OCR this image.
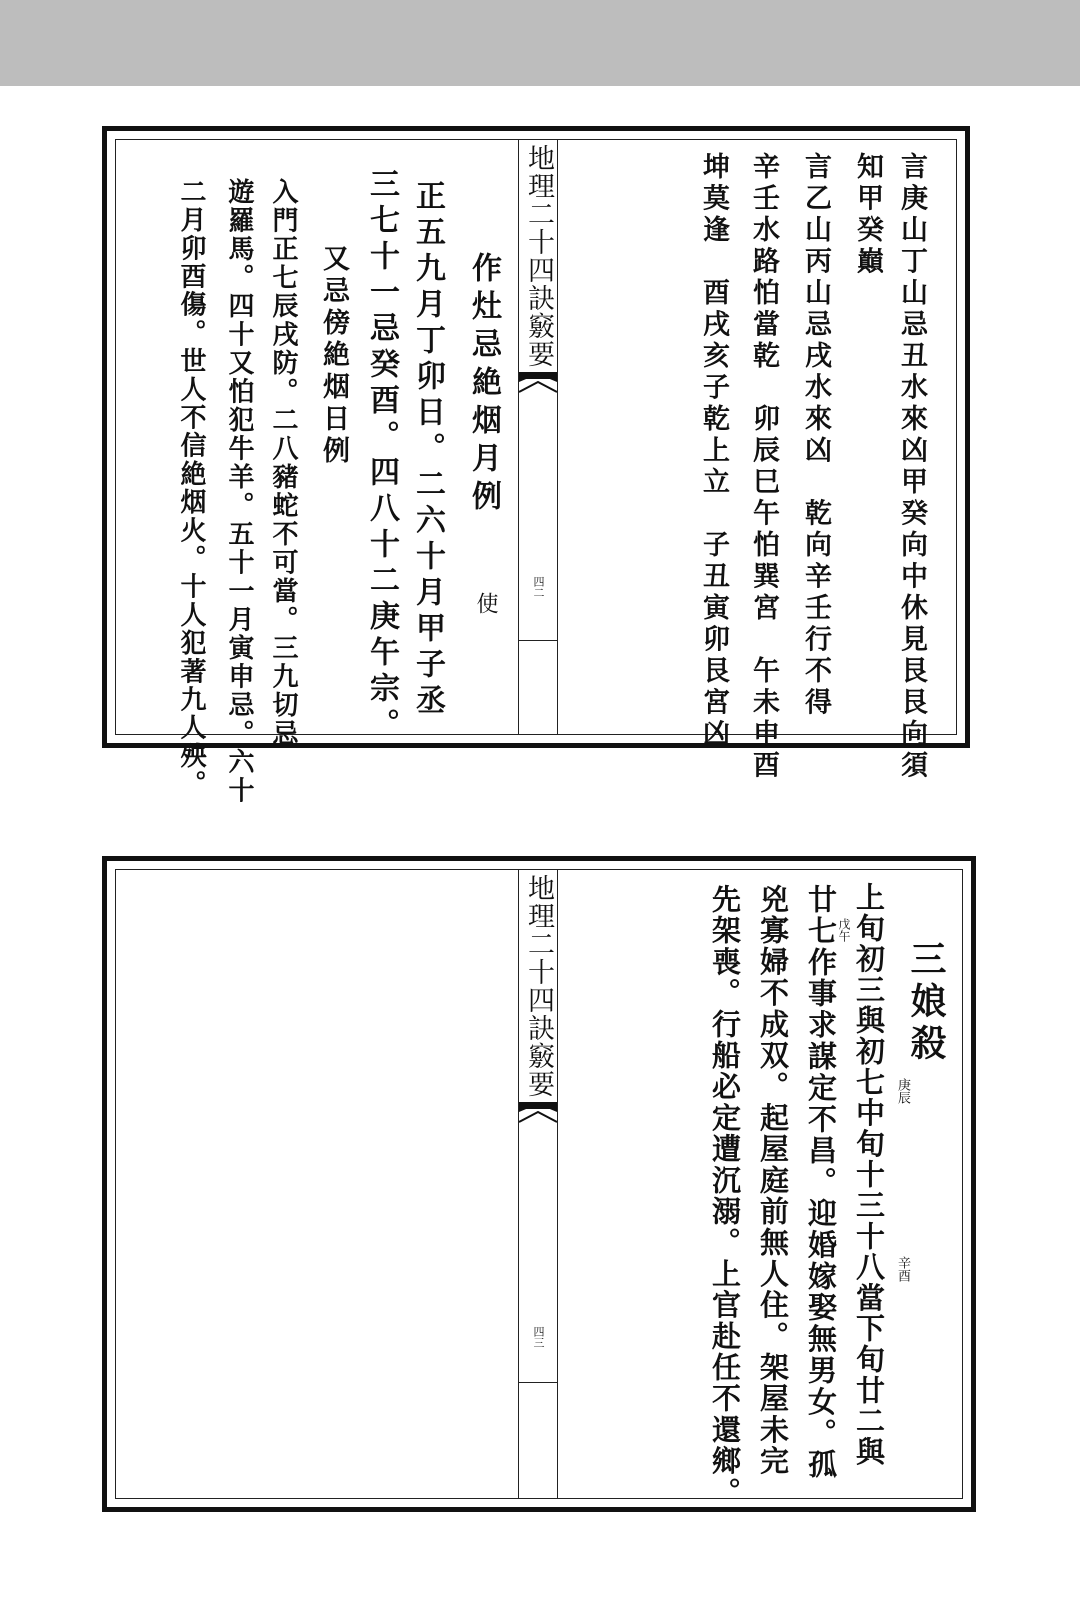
言庚山丁山忌丑水來凶甲癸向中休見艮艮向須
知甲癸巔
言乙山丙山忌戌水來凶　乾向辛壬行不得
辛壬水路怕當乾　卯辰巳午怕巽宮　午未申酉
坤莫逢　酉戌亥子乾上立　子丑寅卯艮宮凶
地理二十四訣竅要
四二
作灶忌絶烟月例
使
正五九月丁卯日。二六十月甲子丞
三七十一忌癸酉。四八十二庚午宗。
又忌傍絶烟日例
入門正七辰戌防。二八豬蛇不可當。三九切忌
遊羅馬。四十又怕犯牛羊。五十一月寅申忌。六十
二月卯酉傷。世人不信絶烟火。十人犯著九人殃。
三娘殺
上旬初三與初七中旬十三十八當下旬廿二與
戊午
庚辰
辛酉
廿七作事求謀定不昌。迎婚嫁娶無男女。孤
兇寡婦不成双。起屋庭前無人住。架屋未完
先架喪。行船必定遭沉溺。上官赴任不還鄉。
地理二十四訣竅要
四三
